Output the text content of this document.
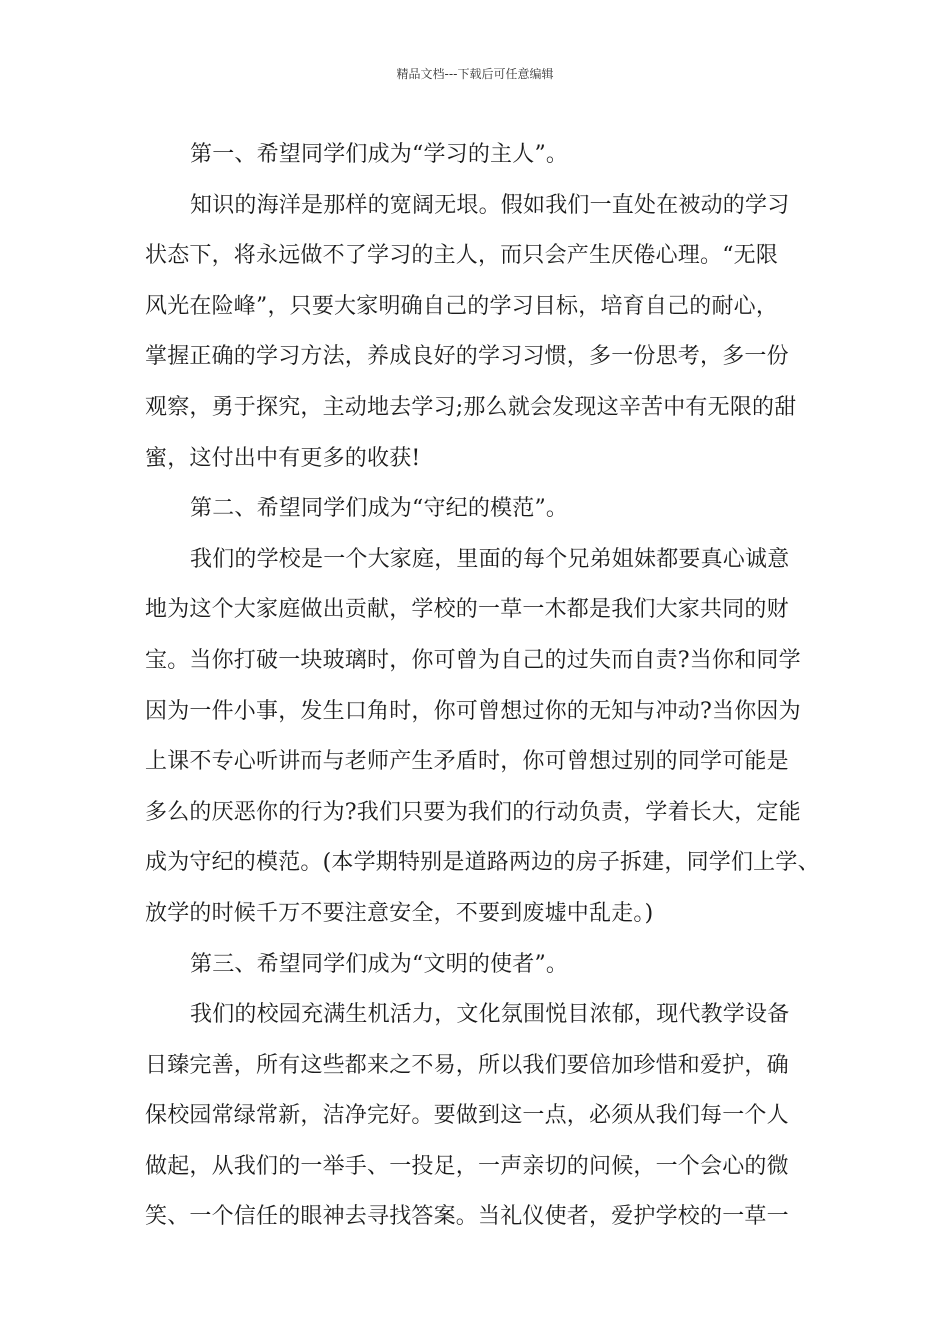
精品文档---下载后可任意编辑
第一、希望同学们成为“学习的主人”。
知识的海洋是那样的宽阔无垠。假如我们一直处在被动的学习
状态下，将永远做不了学习的主人，而只会产生厌倦心理。“无限
风光在险峰”，只要大家明确自己的学习目标，培育自己的耐心，
掌握正确的学习方法，养成良好的学习习惯，多一份思考，多一份
观察，勇于探究，主动地去学习;那么就会发现这辛苦中有无限的甜
蜜，这付出中有更多的收获!
第二、希望同学们成为“守纪的模范”。
我们的学校是一个大家庭，里面的每个兄弟姐妹都要真心诚意
地为这个大家庭做出贡献，学校的一草一木都是我们大家共同的财
宝。当你打破一块玻璃时，你可曾为自己的过失而自责?当你和同学
因为一件小事，发生口角时，你可曾想过你的无知与冲动?当你因为
上课不专心听讲而与老师产生矛盾时，你可曾想过别的同学可能是
多么的厌恶你的行为?我们只要为我们的行动负责，学着长大，定能
成为守纪的模范。(本学期特别是道路两边的房子拆建，同学们上学、
放学的时候千万不要注意安全，不要到废墟中乱走。)
第三、希望同学们成为“文明的使者”。
我们的校园充满生机活力，文化氛围悦目浓郁，现代教学设备
日臻完善，所有这些都来之不易，所以我们要倍加珍惜和爱护，确
保校园常绿常新，洁净完好。要做到这一点，必须从我们每一个人
做起，从我们的一举手、一投足，一声亲切的问候，一个会心的微
笑、一个信任的眼神去寻找答案。当礼仪使者，爱护学校的一草一
